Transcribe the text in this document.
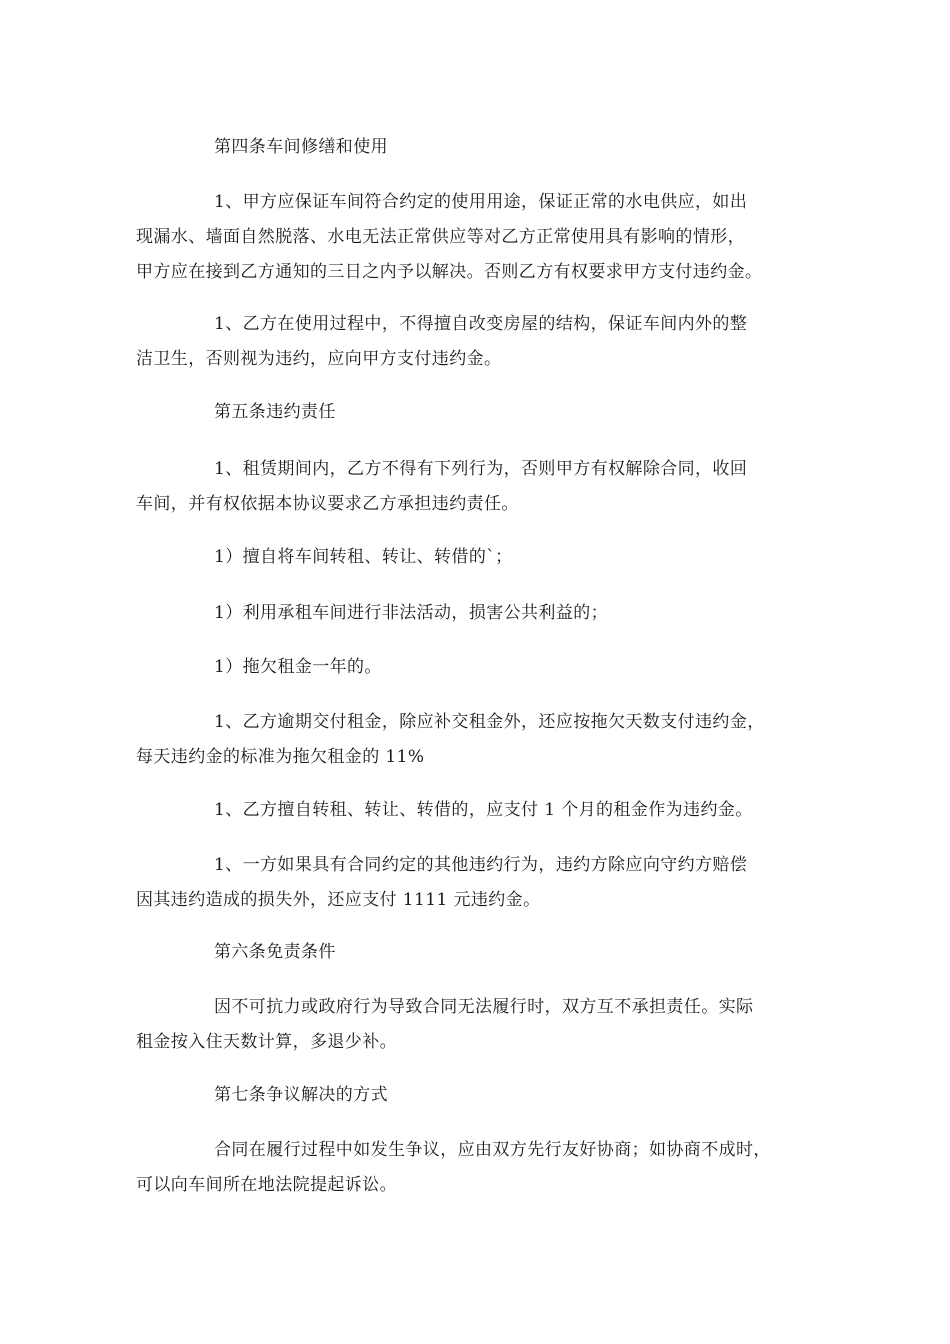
第四条车间修缮和使用

1、甲方应保证车间符合约定的使用用途，保证正常的水电供应，如出
现漏水、墙面自然脱落、水电无法正常供应等对乙方正常使用具有影响的情形，
甲方应在接到乙方通知的三日之内予以解决。否则乙方有权要求甲方支付违约金。

1、乙方在使用过程中，不得擅自改变房屋的结构，保证车间内外的整
洁卫生，否则视为违约，应向甲方支付违约金。

第五条违约责任

1、租赁期间内，乙方不得有下列行为，否则甲方有权解除合同，收回
车间，并有权依据本协议要求乙方承担违约责任。

1）擅自将车间转租、转让、转借的`；

1）利用承租车间进行非法活动，损害公共利益的；

1）拖欠租金一年的。

1、乙方逾期交付租金，除应补交租金外，还应按拖欠天数支付违约金，
每天违约金的标准为拖欠租金的 11%

1、乙方擅自转租、转让、转借的，应支付 1 个月的租金作为违约金。

1、一方如果具有合同约定的其他违约行为，违约方除应向守约方赔偿
因其违约造成的损失外，还应支付 1111 元违约金。

第六条免责条件

因不可抗力或政府行为导致合同无法履行时，双方互不承担责任。实际
租金按入住天数计算，多退少补。

第七条争议解决的方式

合同在履行过程中如发生争议，应由双方先行友好协商；如协商不成时，
可以向车间所在地法院提起诉讼。
